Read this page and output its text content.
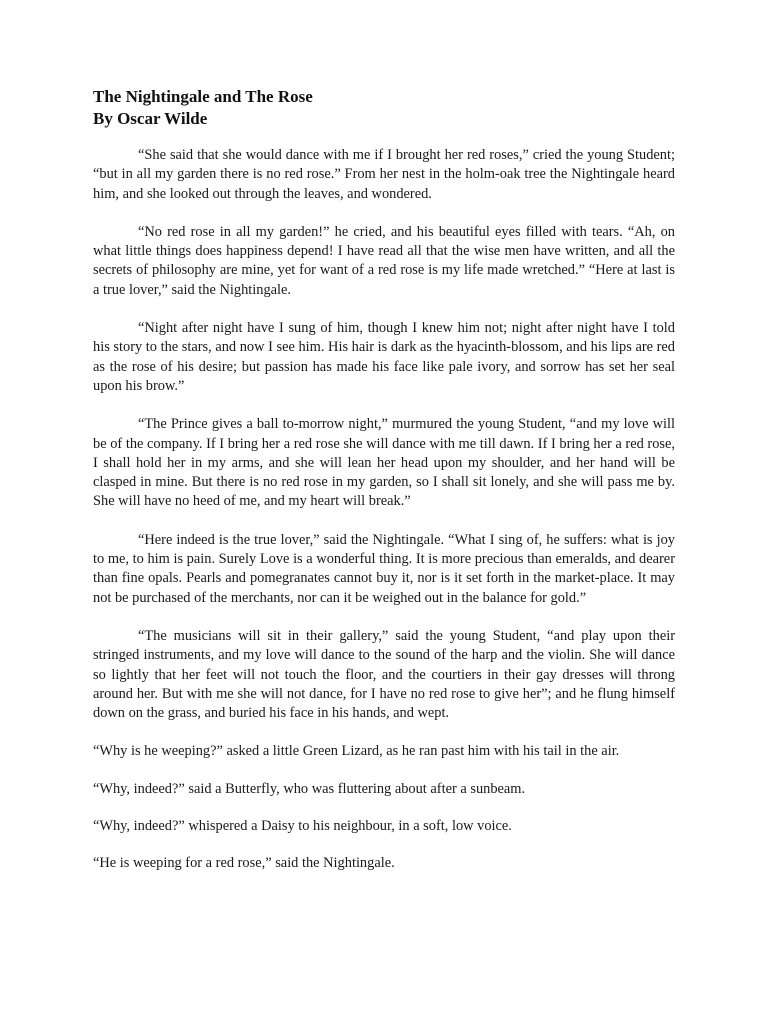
The Nightingale and The Rose
By Oscar Wilde

“She said that she would dance with me if I brought her red roses,” cried the young Student; “but in all my garden there is no red rose.” From her nest in the holm-oak tree the Nightingale heard him, and she looked out through the leaves, and wondered.

“No red rose in all my garden!” he cried, and his beautiful eyes filled with tears. “Ah, on what little things does happiness depend! I have read all that the wise men have written, and all the secrets of philosophy are mine, yet for want of a red rose is my life made wretched.” “Here at last is a true lover,” said the Nightingale.

“Night after night have I sung of him, though I knew him not; night after night have I told his story to the stars, and now I see him. His hair is dark as the hyacinth-blossom, and his lips are red as the rose of his desire; but passion has made his face like pale ivory, and sorrow has set her seal upon his brow.”

“The Prince gives a ball to-morrow night,” murmured the young Student, “and my love will be of the company. If I bring her a red rose she will dance with me till dawn. If I bring her a red rose, I shall hold her in my arms, and she will lean her head upon my shoulder, and her hand will be clasped in mine. But there is no red rose in my garden, so I shall sit lonely, and she will pass me by. She will have no heed of me, and my heart will break.”

“Here indeed is the true lover,” said the Nightingale. “What I sing of, he suffers: what is joy to me, to him is pain. Surely Love is a wonderful thing. It is more precious than emeralds, and dearer than fine opals. Pearls and pomegranates cannot buy it, nor is it set forth in the market-place. It may not be purchased of the merchants, nor can it be weighed out in the balance for gold.”

“The musicians will sit in their gallery,” said the young Student, “and play upon their stringed instruments, and my love will dance to the sound of the harp and the violin. She will dance so lightly that her feet will not touch the floor, and the courtiers in their gay dresses will throng around her. But with me she will not dance, for I have no red rose to give her”; and he flung himself down on the grass, and buried his face in his hands, and wept.

“Why is he weeping?” asked a little Green Lizard, as he ran past him with his tail in the air.

“Why, indeed?” said a Butterfly, who was fluttering about after a sunbeam.

“Why, indeed?” whispered a Daisy to his neighbour, in a soft, low voice.

“He is weeping for a red rose,” said the Nightingale.
